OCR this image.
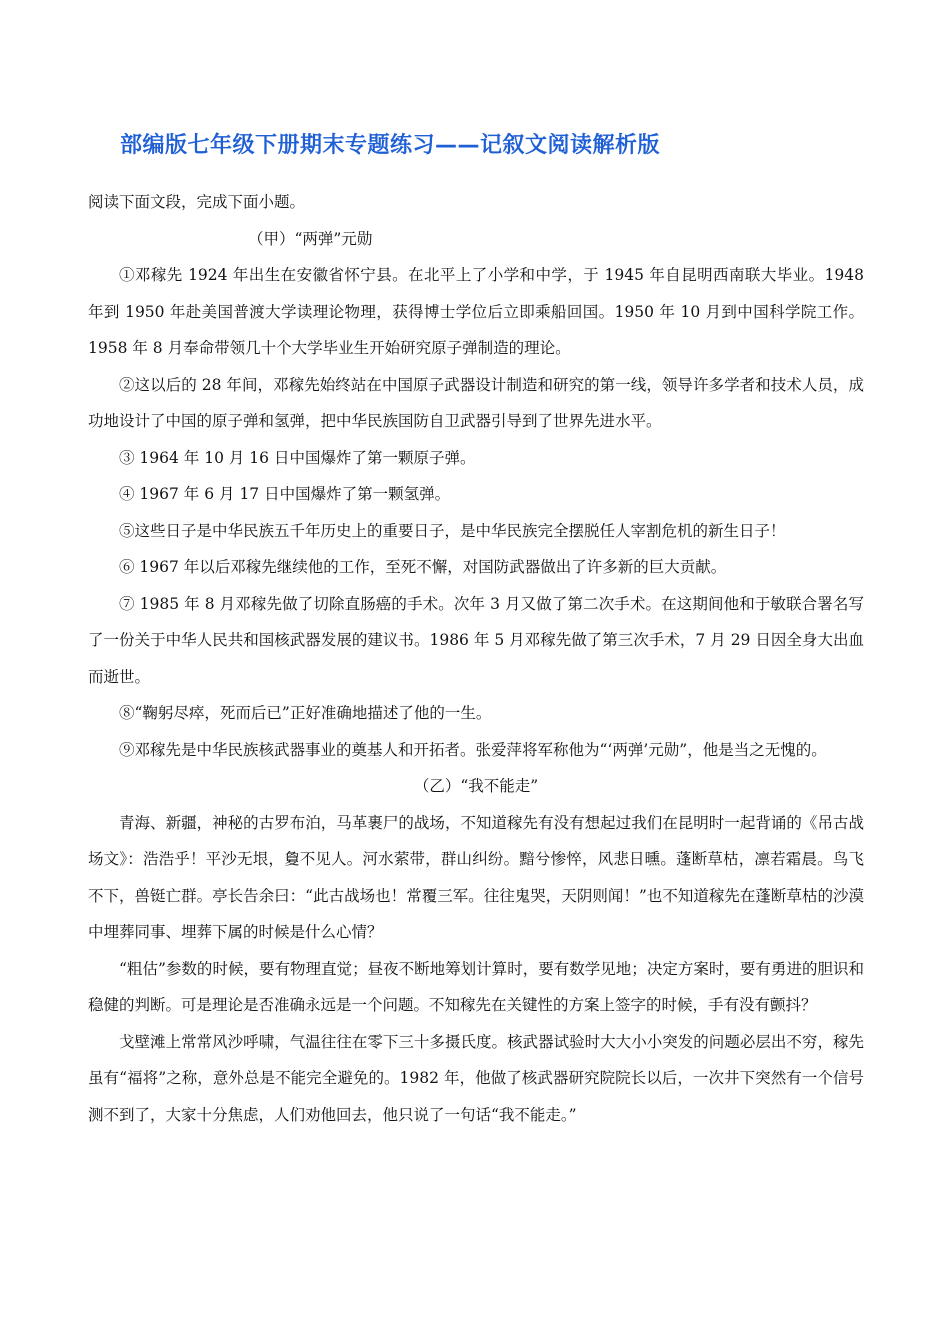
部编版七年级下册期末专题练习——记叙文阅读解析版

阅读下面文段，完成下面小题。

（甲）“两弹”元勋

①邓稼先 1924 年出生在安徽省怀宁县。在北平上了小学和中学，于 1945 年自昆明西南联大毕业。1948 年到 1950 年赴美国普渡大学读理论物理，获得博士学位后立即乘船回国。1950 年 10 月到中国科学院工作。1958 年 8 月奉命带领几十个大学毕业生开始研究原子弹制造的理论。

②这以后的 28 年间，邓稼先始终站在中国原子武器设计制造和研究的第一线，领导许多学者和技术人员，成功地设计了中国的原子弹和氢弹，把中华民族国防自卫武器引导到了世界先进水平。

③ 1964 年 10 月 16 日中国爆炸了第一颗原子弹。

④ 1967 年 6 月 17 日中国爆炸了第一颗氢弹。

⑤这些日子是中华民族五千年历史上的重要日子，是中华民族完全摆脱任人宰割危机的新生日子！

⑥ 1967 年以后邓稼先继续他的工作，至死不懈，对国防武器做出了许多新的巨大贡献。

⑦ 1985 年 8 月邓稼先做了切除直肠癌的手术。次年 3 月又做了第二次手术。在这期间他和于敏联合署名写了一份关于中华人民共和国核武器发展的建议书。1986 年 5 月邓稼先做了第三次手术，7 月 29 日因全身大出血而逝世。

⑧“鞠躬尽瘁，死而后已”正好准确地描述了他的一生。

⑨邓稼先是中华民族核武器事业的奠基人和开拓者。张爱萍将军称他为“‘两弹’元勋”，他是当之无愧的。

（乙）“我不能走”

青海、新疆，神秘的古罗布泊，马革裹尸的战场，不知道稼先有没有想起过我们在昆明时一起背诵的《吊古战场文》：浩浩乎！平沙无垠，敻不见人。河水萦带，群山纠纷。黯兮惨悴，风悲日曛。蓬断草枯，凛若霜晨。鸟飞不下，兽铤亡群。亭长告余曰：“此古战场也！常覆三军。往往鬼哭，天阴则闻！”也不知道稼先在蓬断草枯的沙漠中埋葬同事、埋葬下属的时候是什么心情？

“粗估”参数的时候，要有物理直觉；昼夜不断地筹划计算时，要有数学见地；决定方案时，要有勇进的胆识和稳健的判断。可是理论是否准确永远是一个问题。不知稼先在关键性的方案上签字的时候，手有没有颤抖？

戈壁滩上常常风沙呼啸，气温往往在零下三十多摄氏度。核武器试验时大大小小突发的问题必层出不穷，稼先虽有“福将”之称，意外总是不能完全避免的。1982 年，他做了核武器研究院院长以后，一次井下突然有一个信号测不到了，大家十分焦虑，人们劝他回去，他只说了一句话“我不能走。”
